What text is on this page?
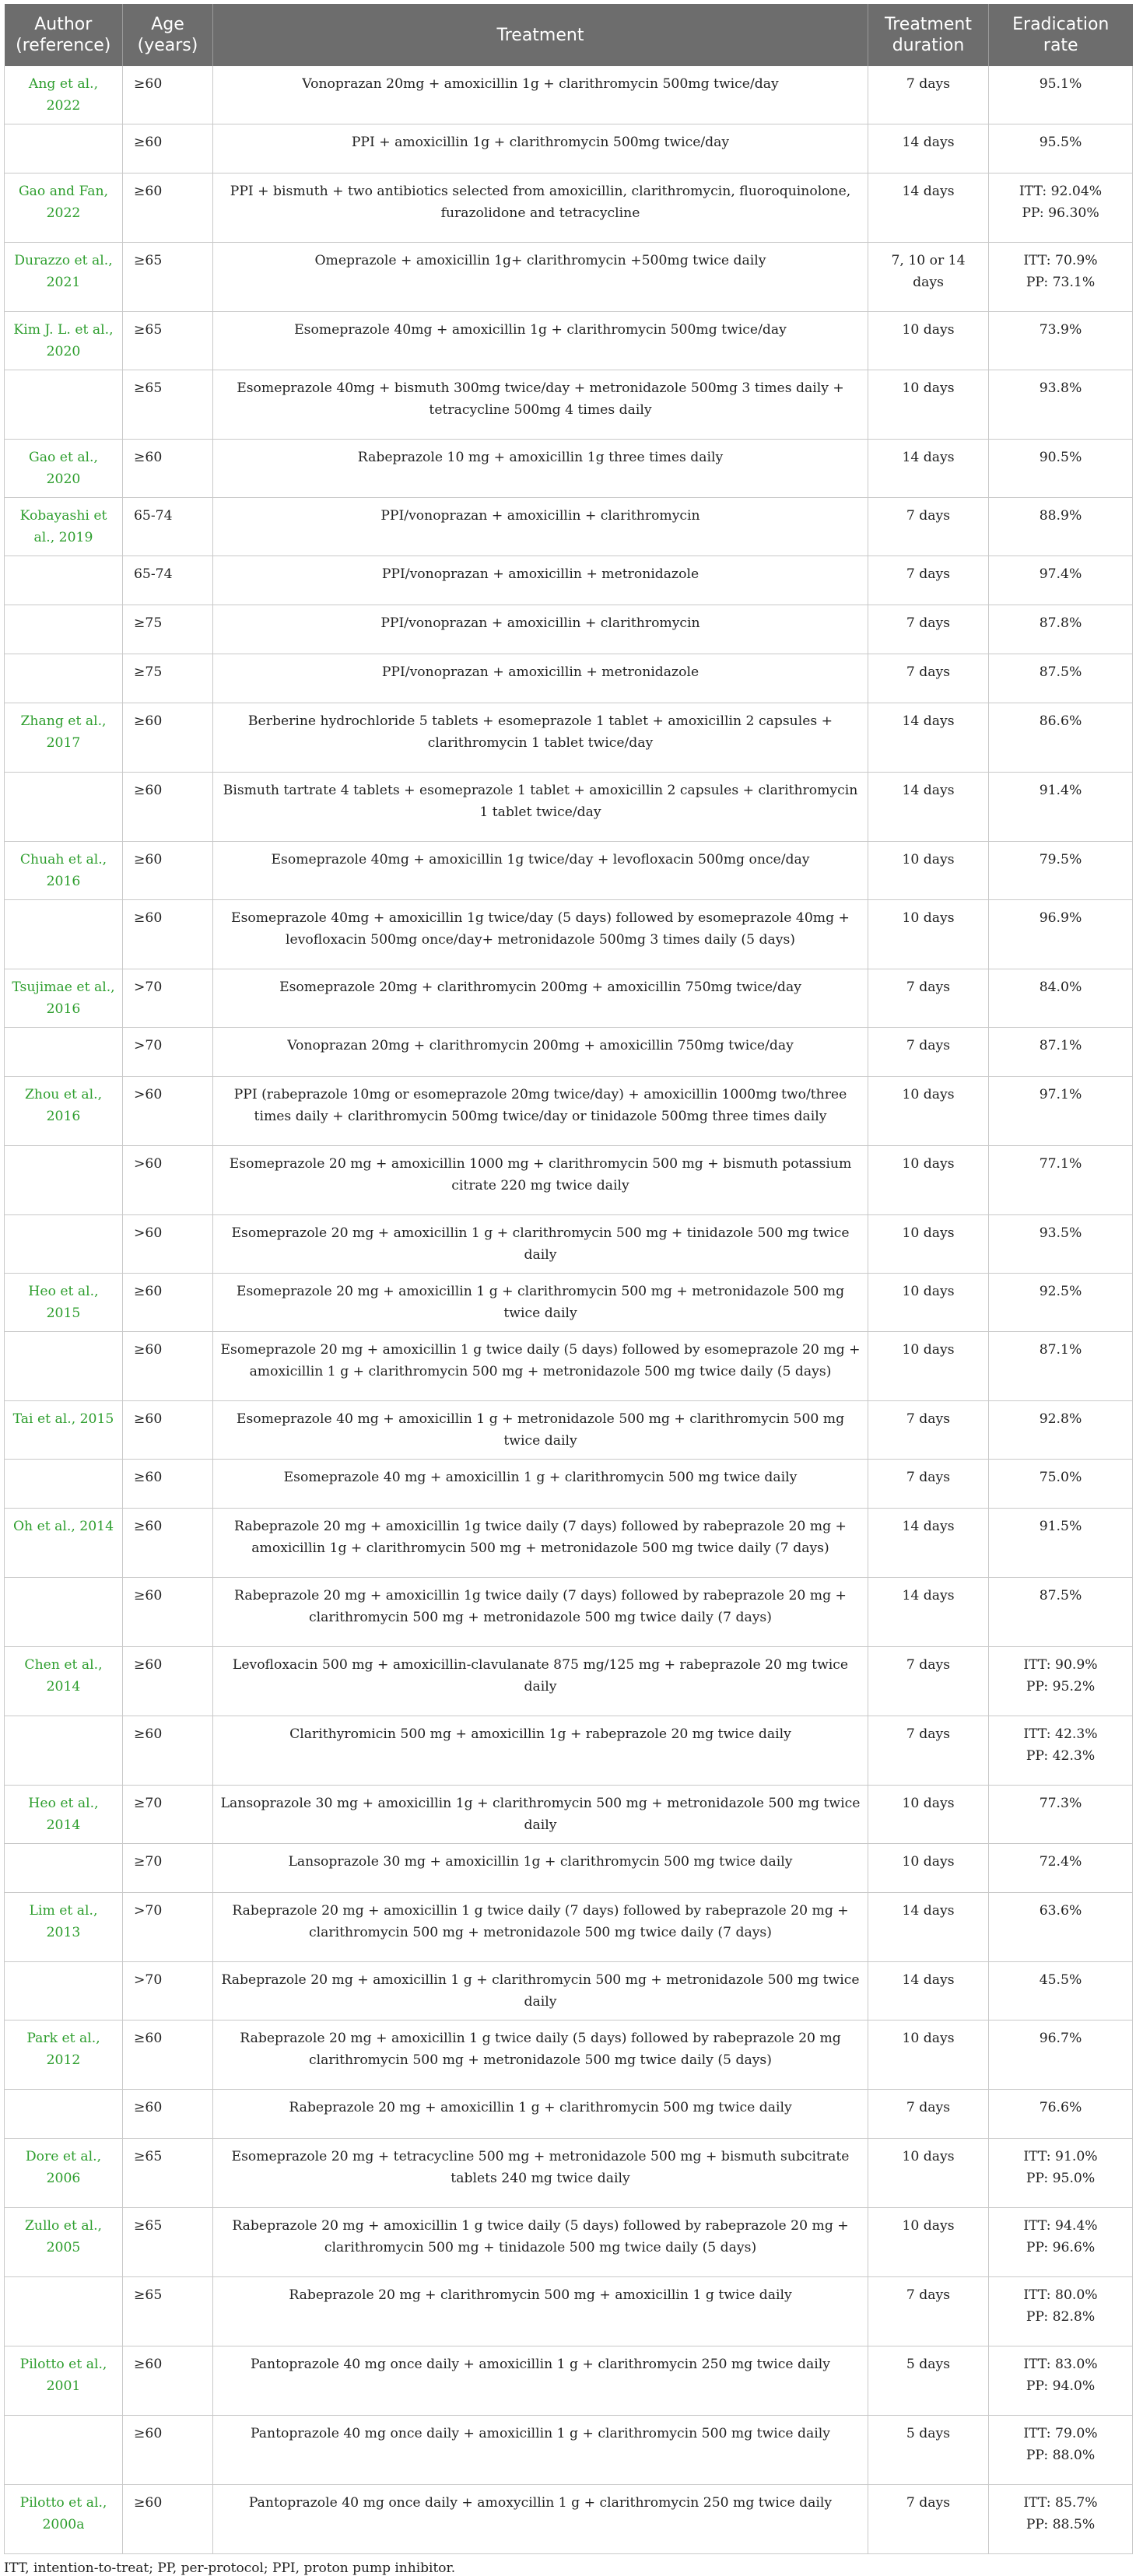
Author (reference)	Age (years)	Treatment	Treatment duration	Eradication rate
Ang et al., 2022	≥60	Vonoprazan 20mg + amoxicillin 1g + clarithromycin 500mg twice/day	7 days	95.1%
	≥60	PPI + amoxicillin 1g + clarithromycin 500mg twice/day	14 days	95.5%
Gao and Fan, 2022	≥60	PPI + bismuth + two antibiotics selected from amoxicillin, clarithromycin, fluoroquinolone, furazolidone and tetracycline	14 days	ITT: 92.04%
PP: 96.30%
Durazzo et al., 2021	≥65	Omeprazole + amoxicillin 1g+ clarithromycin +500mg twice daily	7, 10 or 14 days	ITT: 70.9%
PP: 73.1%
Kim J. L. et al., 2020	≥65	Esomeprazole 40mg + amoxicillin 1g + clarithromycin 500mg twice/day	10 days	73.9%
	≥65	Esomeprazole 40mg + bismuth 300mg twice/day + metronidazole 500mg 3 times daily + tetracycline 500mg 4 times daily	10 days	93.8%
Gao et al., 2020	≥60	Rabeprazole 10 mg + amoxicillin 1g three times daily	14 days	90.5%
Kobayashi et al., 2019	65-74	PPI/vonoprazan + amoxicillin + clarithromycin	7 days	88.9%
	65-74	PPI/vonoprazan + amoxicillin + metronidazole	7 days	97.4%
	≥75	PPI/vonoprazan + amoxicillin + clarithromycin	7 days	87.8%
	≥75	PPI/vonoprazan + amoxicillin + metronidazole	7 days	87.5%
Zhang et al., 2017	≥60	Berberine hydrochloride 5 tablets + esomeprazole 1 tablet + amoxicillin 2 capsules + clarithromycin 1 tablet twice/day	14 days	86.6%
	≥60	Bismuth tartrate 4 tablets + esomeprazole 1 tablet + amoxicillin 2 capsules + clarithromycin 1 tablet twice/day	14 days	91.4%
Chuah et al., 2016	≥60	Esomeprazole 40mg + amoxicillin 1g twice/day + levofloxacin 500mg once/day	10 days	79.5%
	≥60	Esomeprazole 40mg + amoxicillin 1g twice/day (5 days) followed by esomeprazole 40mg + levofloxacin 500mg once/day+ metronidazole 500mg 3 times daily (5 days)	10 days	96.9%
Tsujimae et al., 2016	>70	Esomeprazole 20mg + clarithromycin 200mg + amoxicillin 750mg twice/day	7 days	84.0%
	>70	Vonoprazan 20mg + clarithromycin 200mg + amoxicillin 750mg twice/day	7 days	87.1%
Zhou et al., 2016	>60	PPI (rabeprazole 10mg or esomeprazole 20mg twice/day) + amoxicillin 1000mg two/three times daily + clarithromycin 500mg twice/day or tinidazole 500mg three times daily	10 days	97.1%
	>60	Esomeprazole 20 mg + amoxicillin 1000 mg + clarithromycin 500 mg + bismuth potassium citrate 220 mg twice daily	10 days	77.1%
	>60	Esomeprazole 20 mg + amoxicillin 1 g + clarithromycin 500 mg + tinidazole 500 mg twice daily	10 days	93.5%
Heo et al., 2015	≥60	Esomeprazole 20 mg + amoxicillin 1 g + clarithromycin 500 mg + metronidazole 500 mg twice daily	10 days	92.5%
	≥60	Esomeprazole 20 mg + amoxicillin 1 g twice daily (5 days) followed by esomeprazole 20 mg + amoxicillin 1 g + clarithromycin 500 mg + metronidazole 500 mg twice daily (5 days)	10 days	87.1%
Tai et al., 2015	≥60	Esomeprazole 40 mg + amoxicillin 1 g + metronidazole 500 mg + clarithromycin 500 mg twice daily	7 days	92.8%
	≥60	Esomeprazole 40 mg + amoxicillin 1 g + clarithromycin 500 mg twice daily	7 days	75.0%
Oh et al., 2014	≥60	Rabeprazole 20 mg + amoxicillin 1g twice daily (7 days) followed by rabeprazole 20 mg + amoxicillin 1g + clarithromycin 500 mg + metronidazole 500 mg twice daily (7 days)	14 days	91.5%
	≥60	Rabeprazole 20 mg + amoxicillin 1g twice daily (7 days) followed by rabeprazole 20 mg + clarithromycin 500 mg + metronidazole 500 mg twice daily (7 days)	14 days	87.5%
Chen et al., 2014	≥60	Levofloxacin 500 mg + amoxicillin-clavulanate 875 mg/125 mg + rabeprazole 20 mg twice daily	7 days	ITT: 90.9%
PP: 95.2%
	≥60	Clarithyromicin 500 mg + amoxicillin 1g + rabeprazole 20 mg twice daily	7 days	ITT: 42.3%
PP: 42.3%
Heo et al., 2014	≥70	Lansoprazole 30 mg + amoxicillin 1g + clarithromycin 500 mg + metronidazole 500 mg twice daily	10 days	77.3%
	≥70	Lansoprazole 30 mg + amoxicillin 1g + clarithromycin 500 mg twice daily	10 days	72.4%
Lim et al., 2013	>70	Rabeprazole 20 mg + amoxicillin 1 g twice daily (7 days) followed by rabeprazole 20 mg + clarithromycin 500 mg + metronidazole 500 mg twice daily (7 days)	14 days	63.6%
	>70	Rabeprazole 20 mg + amoxicillin 1 g + clarithromycin 500 mg + metronidazole 500 mg twice daily	14 days	45.5%
Park et al., 2012	≥60	Rabeprazole 20 mg + amoxicillin 1 g twice daily (5 days) followed by rabeprazole 20 mg clarithromycin 500 mg + metronidazole 500 mg twice daily (5 days)	10 days	96.7%
	≥60	Rabeprazole 20 mg + amoxicillin 1 g + clarithromycin 500 mg twice daily	7 days	76.6%
Dore et al., 2006	≥65	Esomeprazole 20 mg + tetracycline 500 mg + metronidazole 500 mg + bismuth subcitrate tablets 240 mg twice daily	10 days	ITT: 91.0%
PP: 95.0%
Zullo et al., 2005	≥65	Rabeprazole 20 mg + amoxicillin 1 g twice daily (5 days) followed by rabeprazole 20 mg + clarithromycin 500 mg + tinidazole 500 mg twice daily (5 days)	10 days	ITT: 94.4%
PP: 96.6%
	≥65	Rabeprazole 20 mg + clarithromycin 500 mg + amoxicillin 1 g twice daily	7 days	ITT: 80.0%
PP: 82.8%
Pilotto et al., 2001	≥60	Pantoprazole 40 mg once daily + amoxicillin 1 g + clarithromycin 250 mg twice daily	5 days	ITT: 83.0%
PP: 94.0%
	≥60	Pantoprazole 40 mg once daily + amoxicillin 1 g + clarithromycin 500 mg twice daily	5 days	ITT: 79.0%
PP: 88.0%
Pilotto et al., 2000a	≥60	Pantoprazole 40 mg once daily + amoxycillin 1 g + clarithromycin 250 mg twice daily	7 days	ITT: 85.7%
PP: 88.5%
ITT, intention-to-treat; PP, per-protocol; PPI, proton pump inhibitor.
